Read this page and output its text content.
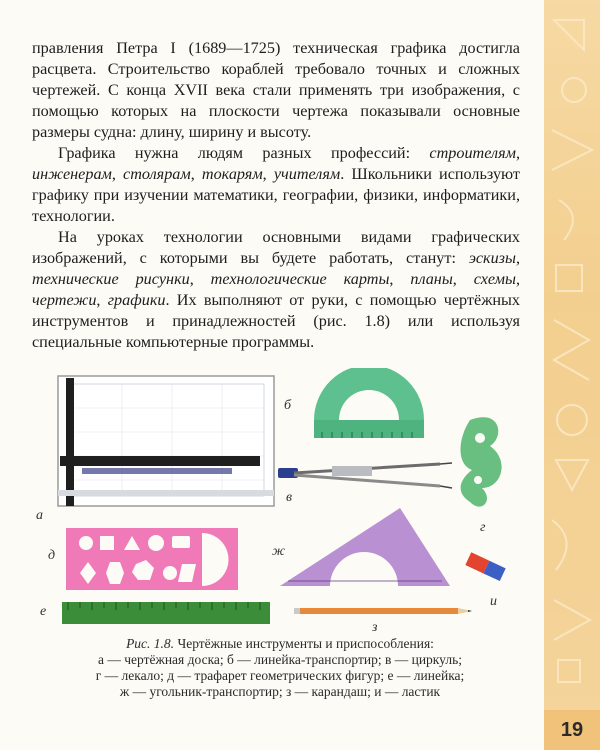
19

правления Петра I (1689—1725) техническая графика достигла расцвета. Строительство кораблей требовало точных и сложных чертежей. С конца XVII века стали применять три изображения, с помощью которых на плоскости чертежа показывали основные размеры судна: длину, ширину и высоту.

Графика нужна людям разных профессий: строителям, инженерам, столярам, токарям, учителям. Школьники используют графику при изучении математики, географии, физики, информатики, технологии.

На уроках технологии основными видами графических изображений, с которыми вы будете работать, станут: эскизы, технические рисунки, технологические карты, планы, схемы, чертежи, графики. Их выполняют от руки, с помощью чертёжных инструментов и принадлежностей (рис. 1.8) или используя специальные компьютерные программы.

а
б
в
г
д	ж
е
з
и
Рис. 1.8. Чертёжные инструменты и приспособления:
а — чертёжная доска; б — линейка-транспортир; в — циркуль;
г — лекало; д — трафарет геометрических фигур; е — линейка;
ж — угольник-транспортир; з — карандаш; и — ластик
